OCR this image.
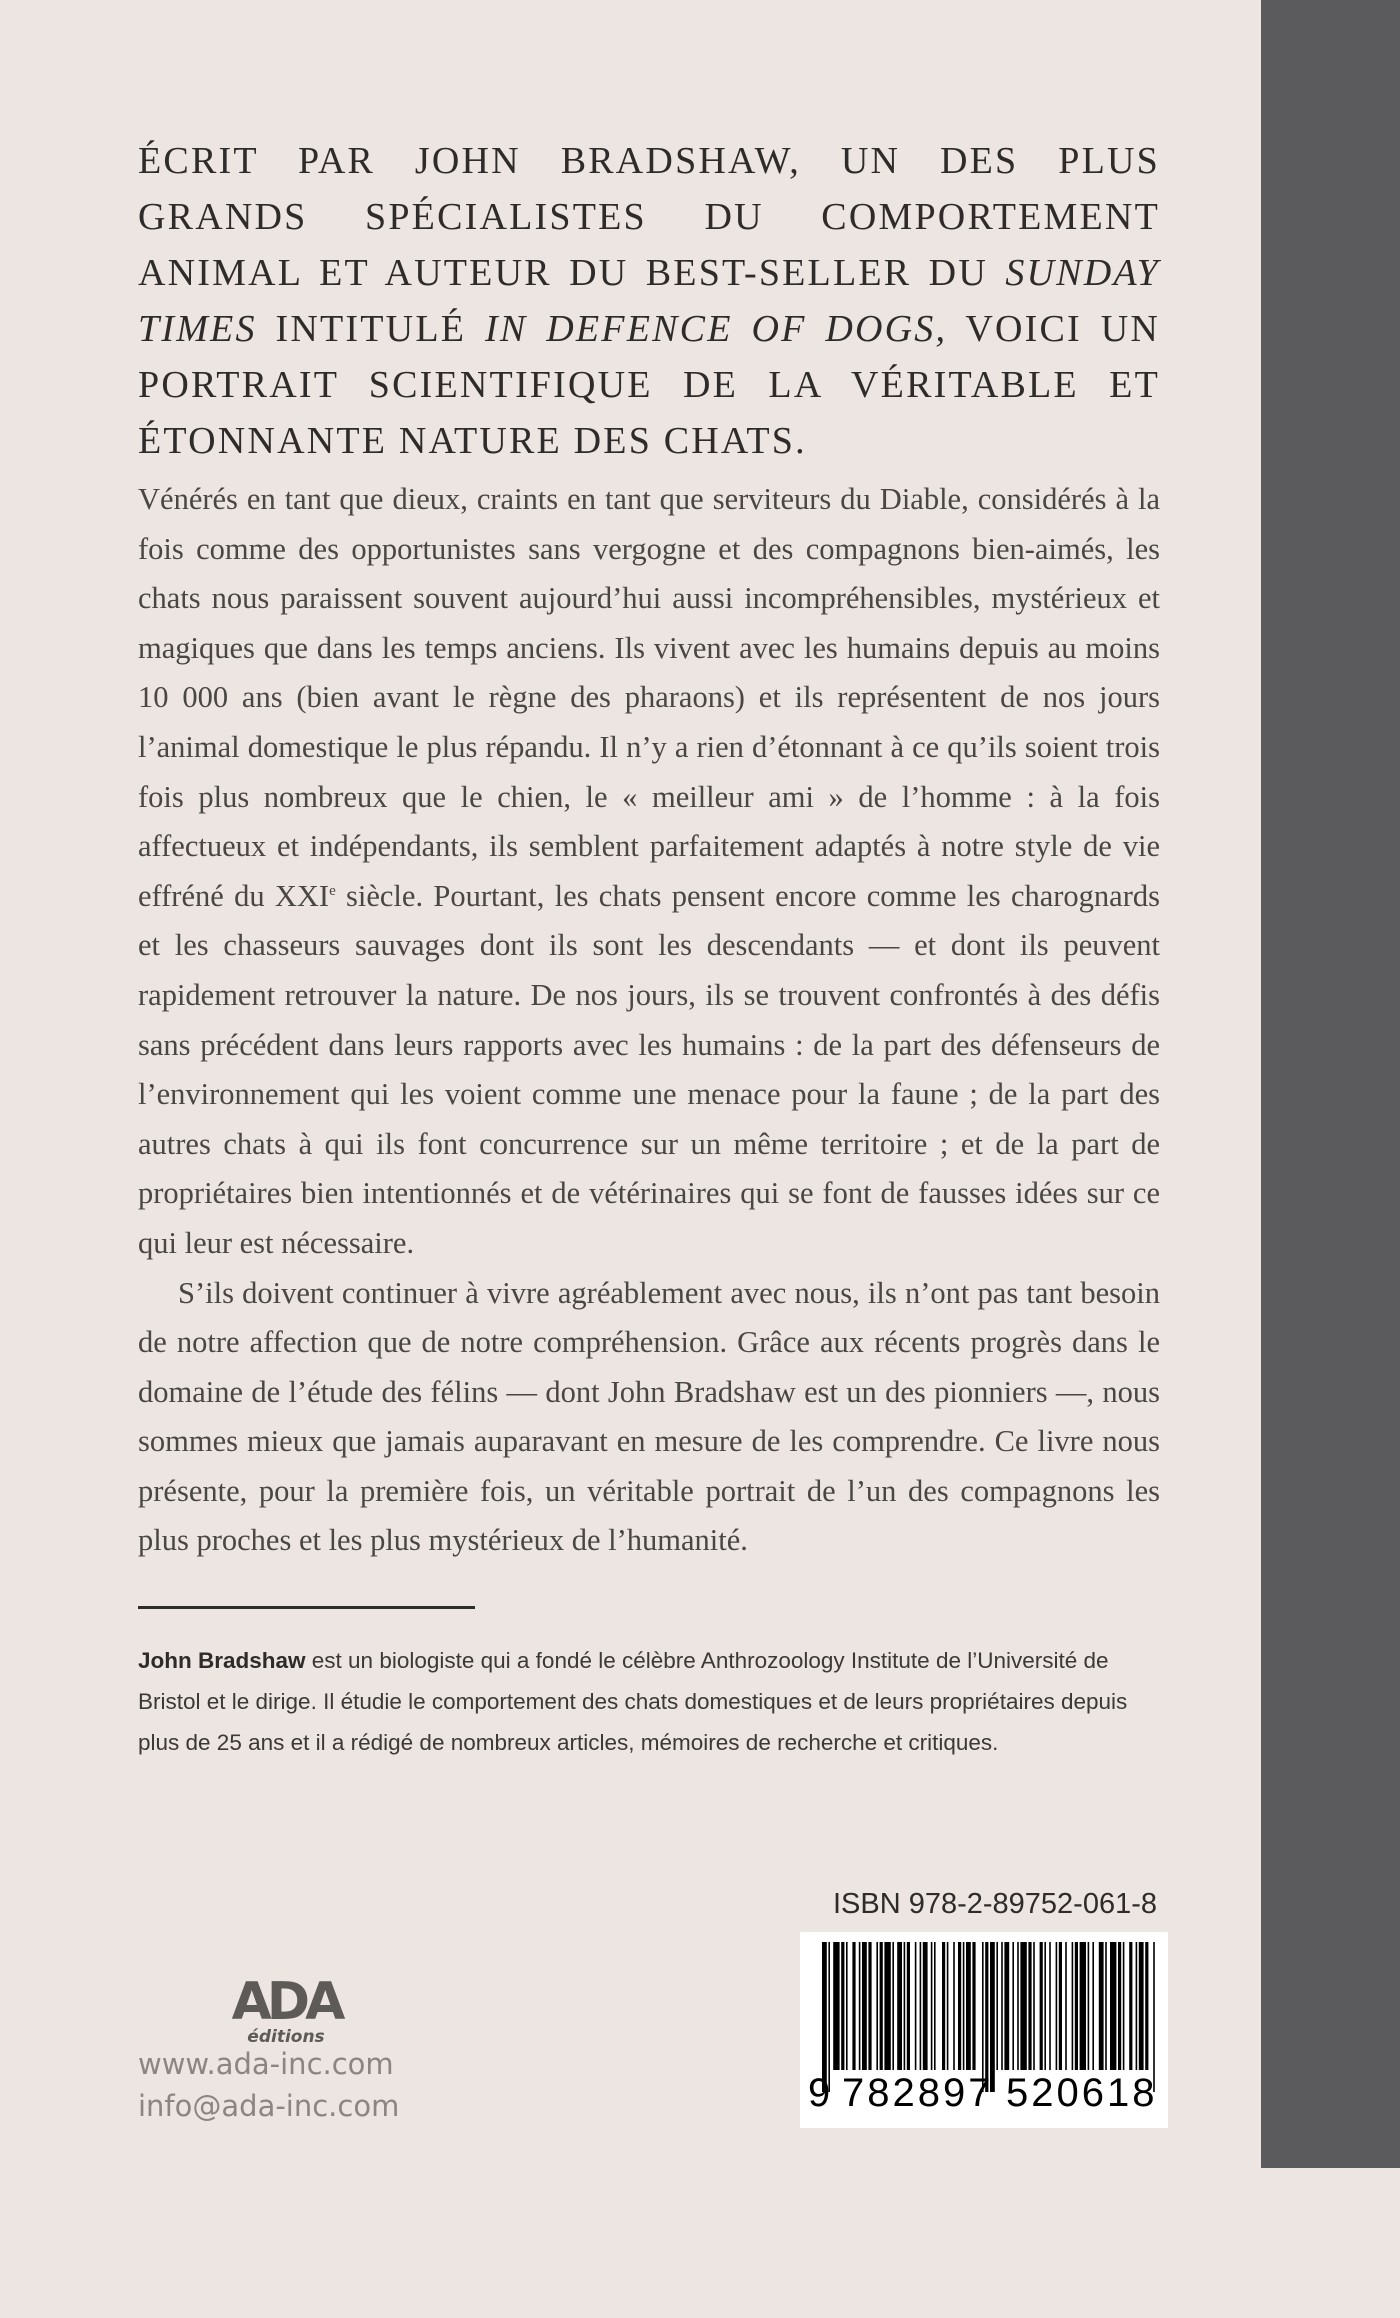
ÉCRIT PAR JOHN BRADSHAW, UN DES PLUS GRANDS SPÉCIALISTES DU COMPORTEMENT ANIMAL ET AUTEUR DU BEST-SELLER DU SUNDAY TIMES INTITULÉ IN DEFENCE OF DOGS, VOICI UN PORTRAIT SCIENTIFIQUE DE LA VÉRITABLE ET ÉTONNANTE NATURE DES CHATS.

Vénérés en tant que dieux, craints en tant que serviteurs du Diable, considérés à la fois comme des opportunistes sans vergogne et des compagnons bien-aimés, les chats nous paraissent souvent aujourd’hui aussi incompréhensibles, mystérieux et magiques que dans les temps anciens. Ils vivent avec les humains depuis au moins 10 000 ans (bien avant le règne des pharaons) et ils représentent de nos jours l’animal domestique le plus répandu. Il n’y a rien d’étonnant à ce qu’ils soient trois fois plus nombreux que le chien, le « meilleur ami » de l’homme : à la fois affectueux et indépendants, ils semblent parfaitement adaptés à notre style de vie effréné du XXIe siècle. Pourtant, les chats pensent encore comme les charognards et les chasseurs sauvages dont ils sont les descendants — et dont ils peuvent rapidement retrouver la nature. De nos jours, ils se trouvent confrontés à des défis sans précédent dans leurs rapports avec les humains : de la part des défenseurs de l’environnement qui les voient comme une menace pour la faune ; de la part des autres chats à qui ils font concurrence sur un même territoire ; et de la part de propriétaires bien intentionnés et de vétérinaires qui se font de fausses idées sur ce qui leur est nécessaire.

S’ils doivent continuer à vivre agréablement avec nous, ils n’ont pas tant besoin de notre affection que de notre compréhension. Grâce aux récents progrès dans le domaine de l’étude des félins — dont John Bradshaw est un des pionniers —, nous sommes mieux que jamais auparavant en mesure de les comprendre. Ce livre nous présente, pour la première fois, un véritable portrait de l’un des compagnons les plus proches et les plus mystérieux de l’humanité.

John Bradshaw est un biologiste qui a fondé le célèbre Anthrozoology Institute de l’Université de Bristol et le dirige. Il étudie le comportement des chats domestiques et de leurs propriétaires depuis plus de 25 ans et il a rédigé de nombreux articles, mémoires de recherche et critiques.

ISBN 978-2-89752-061-8

9

782897

520618

ADA
éditions
www.ada-inc.com
info@ada-inc.com
